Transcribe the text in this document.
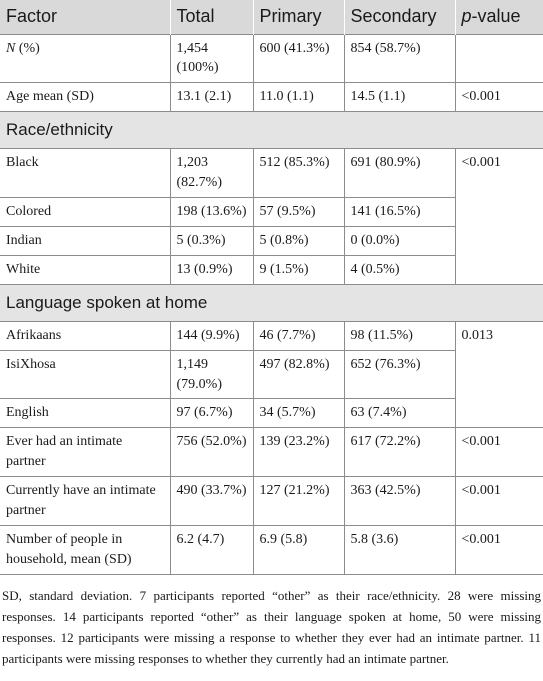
Factor	Total	Primary	Secondary	p-value
N (%)	1,454 (100%)	600 (41.3%)	854 (58.7%)	
Age mean (SD)	13.1 (2.1)	11.0 (1.1)	14.5 (1.1)	<0.001
Race/ethnicity				
Black	1,203 (82.7%)	512 (85.3%)	691 (80.9%)	<0.001
Colored	198 (13.6%)	57 (9.5%)	141 (16.5%)	
Indian	5 (0.3%)	5 (0.8%)	0 (0.0%)	
White	13 (0.9%)	9 (1.5%)	4 (0.5%)	
Language spoken at home				
Afrikaans	144 (9.9%)	46 (7.7%)	98 (11.5%)	0.013
IsiXhosa	1,149 (79.0%)	497 (82.8%)	652 (76.3%)	
English	97 (6.7%)	34 (5.7%)	63 (7.4%)	
Ever had an intimate partner	756 (52.0%)	139 (23.2%)	617 (72.2%)	<0.001
Currently have an intimate partner	490 (33.7%)	127 (21.2%)	363 (42.5%)	<0.001
Number of people in household, mean (SD)	6.2 (4.7)	6.9 (5.8)	5.8 (3.6)	<0.001
SD, standard deviation. 7 participants reported “other” as their race/ethnicity. 28 were missing responses. 14 participants reported “other” as their language spoken at home, 50 were missing responses. 12 participants were missing a response to whether they ever had an intimate partner. 11 participants were missing responses to whether they currently had an intimate partner.
